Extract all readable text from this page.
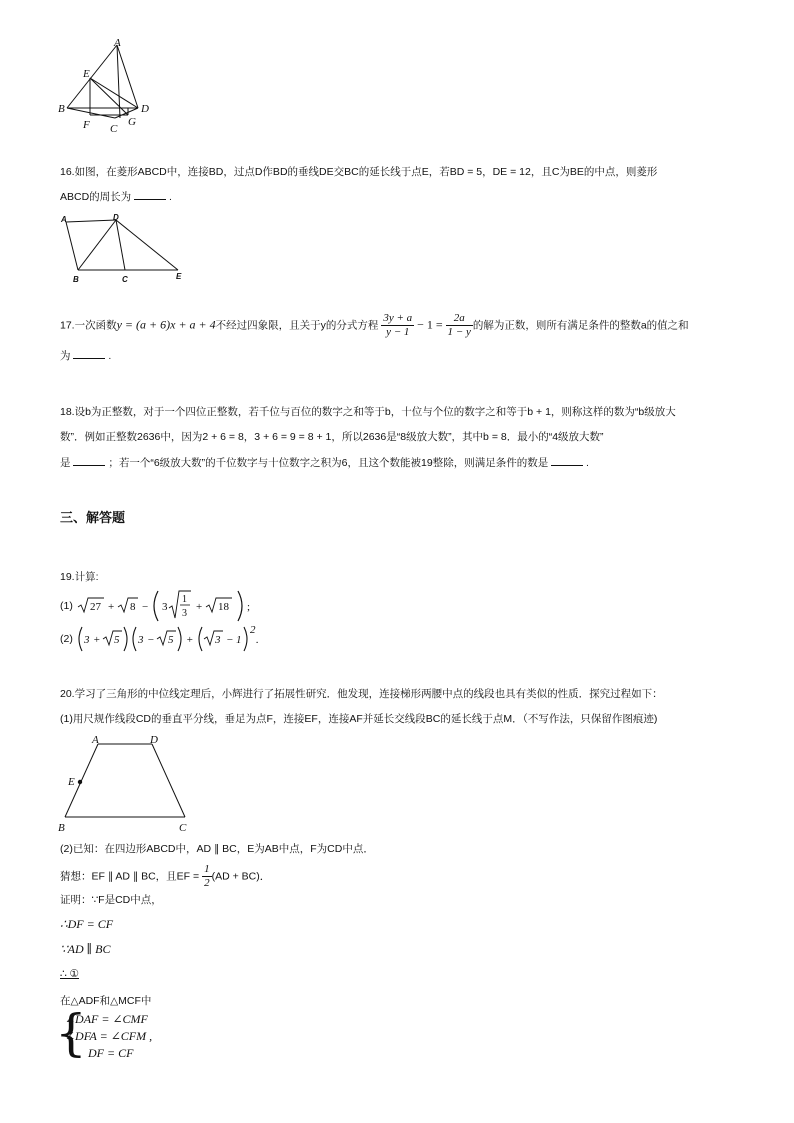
A
E
B	D
F C
G
16.如图，在菱形ABCD中，连接BD，过点D作BD的垂线DE交BC的延长线于点E，若BD = 5，DE = 12，且C为BE的中点，则菱形
ABCD的周长为	.
A	D
B	C	E
17.一次函数y = (a + 6)x + a + 4不经过四象限，且关于y的分式方程 $\frac{3y + a}{y - 1} - 1 = \frac{2a}{1 - y}$ 的解为正数，则所有满足条件的整数a的值之和
为	.
18.设b为正整数，对于一个四位正整数，若千位与百位的数字之和等于b，十位与个位的数字之和等于b + 1，则称这样的数为“b级放大
数”．例如正整数2636中，因为2 + 6 = 8，3 + 6 = 9 = 8 + 1，所以2636是“8级放大数”，其中b = 8．最小的“4级放大数”
是	；若一个“6级放大数”的千位数字与十位数字之积为6，且这个数能被19整除，则满足条件的数是	.
三、解答题
19.计算:
(1) 27 + 8 − 3
1
3
+ 18 ;
(2) 3 + 5 3 − 5 + 3 − 1
2
.
20.学习了三角形的中位线定理后，小辉进行了拓展性研究．他发现，连接梯形两腰中点的线段也具有类似的性质．探究过程如下：
(1)用尺规作线段CD的垂直平分线，垂足为点F，连接EF，连接AF并延长交线段BC的延长线于点M．（不写作法，只保留作图痕迹)
A	D
E
B	C
(2)已知：在四边形ABCD中，AD ∥ BC，E为AB中点，F为CD中点．
猜想：EF ∥ AD ∥ BC，且EF = $\frac{1}{2} (AD + BC)$．
证明：∵F是CD中点，
∴DF = CF
∵AD ∥ BC
∴ ①
在△ADF和△MCF中
{
∠DAF = ∠CMF
∠DFA = ∠CFM ,
DF = CF
